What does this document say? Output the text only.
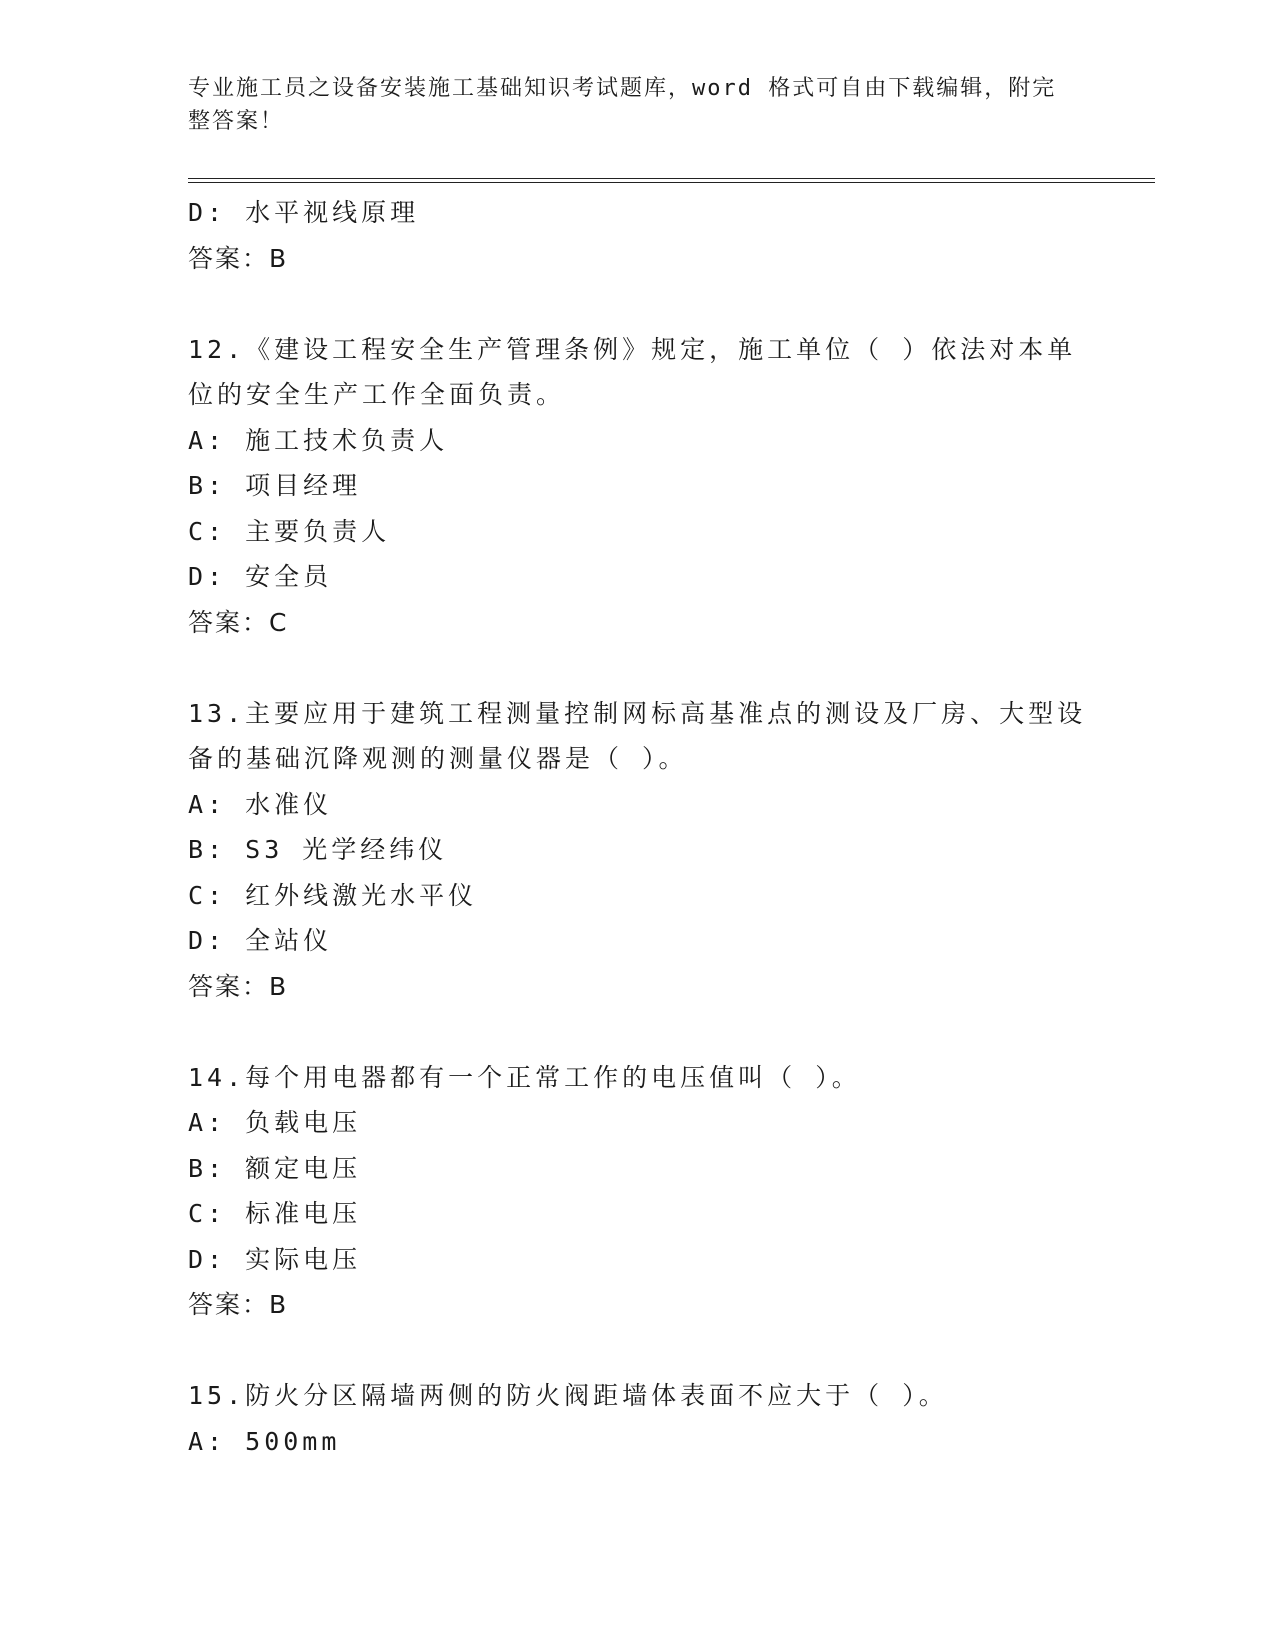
专业施工员之设备安装施工基础知识考试题库，word 格式可自由下载编辑，附完
整答案！
D: 水平视线原理
答案：B
12.《建设工程安全生产管理条例》规定，施工单位（ ）依法对本单
位的安全生产工作全面负责。
A: 施工技术负责人
B: 项目经理
C: 主要负责人
D: 安全员
答案：C
13.主要应用于建筑工程测量控制网标高基准点的测设及厂房、大型设
备的基础沉降观测的测量仪器是（ ）。
A: 水准仪
B: S3 光学经纬仪
C: 红外线激光水平仪
D: 全站仪
答案：B
14.每个用电器都有一个正常工作的电压值叫（ ）。
A: 负载电压
B: 额定电压
C: 标准电压
D: 实际电压
答案：B
15.防火分区隔墙两侧的防火阀距墙体表面不应大于（ ）。
A: 500mm
